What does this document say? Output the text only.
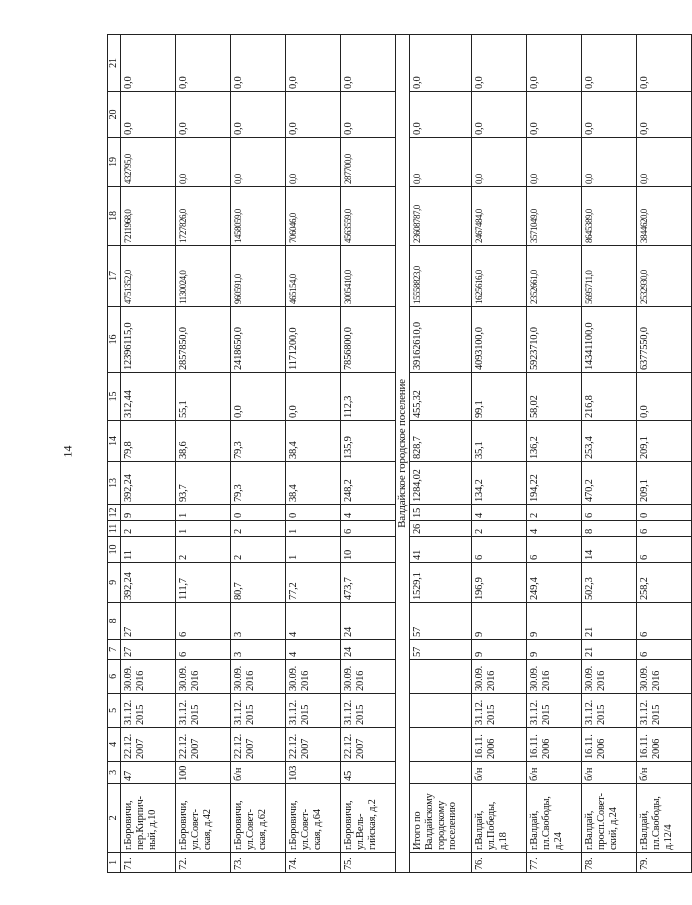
14
1	2	3	4	5	6	7	8	9	10	11	12	13	14	15	16	17	18	19	20	21
71.	г.Боровичи,
пер.Кирпич-
ный, д.10	47	22.12.
2007	31.12.
2015	30.09.
2016	27	27	392,24	11	2	9	392,24	79,8	312,44	12396115,0	4751352,0	7211968,0	432795,0	0,0	0,0
72.	г.Боровичи,
ул.Совет-
ская, д.42	100	22.12.
2007	31.12.
2015	30.09.
2016	6	6	111,7	2	1	1	93,7	38,6	55,1	2857850,0	1130024,0	1727826,0	0,0	0,0	0,0
73.	г.Боровичи,
ул.Совет-
ская, д.62	б/н	22.12.
2007	31.12.
2015	30.09.
2016	3	3	80,7	2	2	0	79,3	79,3	0,0	2418650,0	960591,0	1458059,0	0,0	0,0	0,0
74.	г.Боровичи,
ул.Совет-
ская, д.64	103	22.12.
2007	31.12.
2015	30.09.
2016	4	4	77,2	1	1	0	38,4	38,4	0,0	1171200,0	465154,0	706046,0	0,0	0,0	0,0
75.	г.Боровичи,
ул.Вель-
гийская, д.2	45	22.12.
2007	31.12.
2015	30.09.
2016	24	24	473,7	10	6	4	248,2	135,9	112,3	7856800,0	3005410,0	4563559,0	287700,0	0,0	0,0
Валдайское городское поселение																				
	Итого по
Валдайскому
городскому
поселению					57	57	1529,1	41	26	15	1284,02	828,7	455,32	39162610,0	15558823,0	23608787,0	0,0	0,0	0,0
76.	г.Валдай,
ул.Победы,
д.18	б/н	16.11.
2006	31.12.
2015	30.09.
2016	9	9	196,9	6	2	4	134,2	35,1	99,1	4093100,0	1625616,0	2467484,0	0,0	0,0	0,0
77.	г.Валдай,
пл.Свободы,
д.24	б/н	16.11.
2006	31.12.
2015	30.09.
2016	9	9	249,4	6	4	2	194,22	136,2	58,02	5923710,0	2352661,0	3571049,0	0,0	0,0	0,0
78.	г.Валдай,
просп.Совет-
ский, д.24	б/н	16.11.
2006	31.12.
2015	30.09.
2016	21	21	502,3	14	8	6	470,2	253,4	216,8	14341100,0	5695711,0	8645389,0	0,0	0,0	0,0
79.	г.Валдай,
пл.Свободы,
д.12/4	б/н	16.11.
2006	31.12.
2015	30.09.
2016	6	6	258,2	6	6	0	209,1	209,1	0,0	6377550,0	2532930,0	3844620,0	0,0	0,0	0,0
